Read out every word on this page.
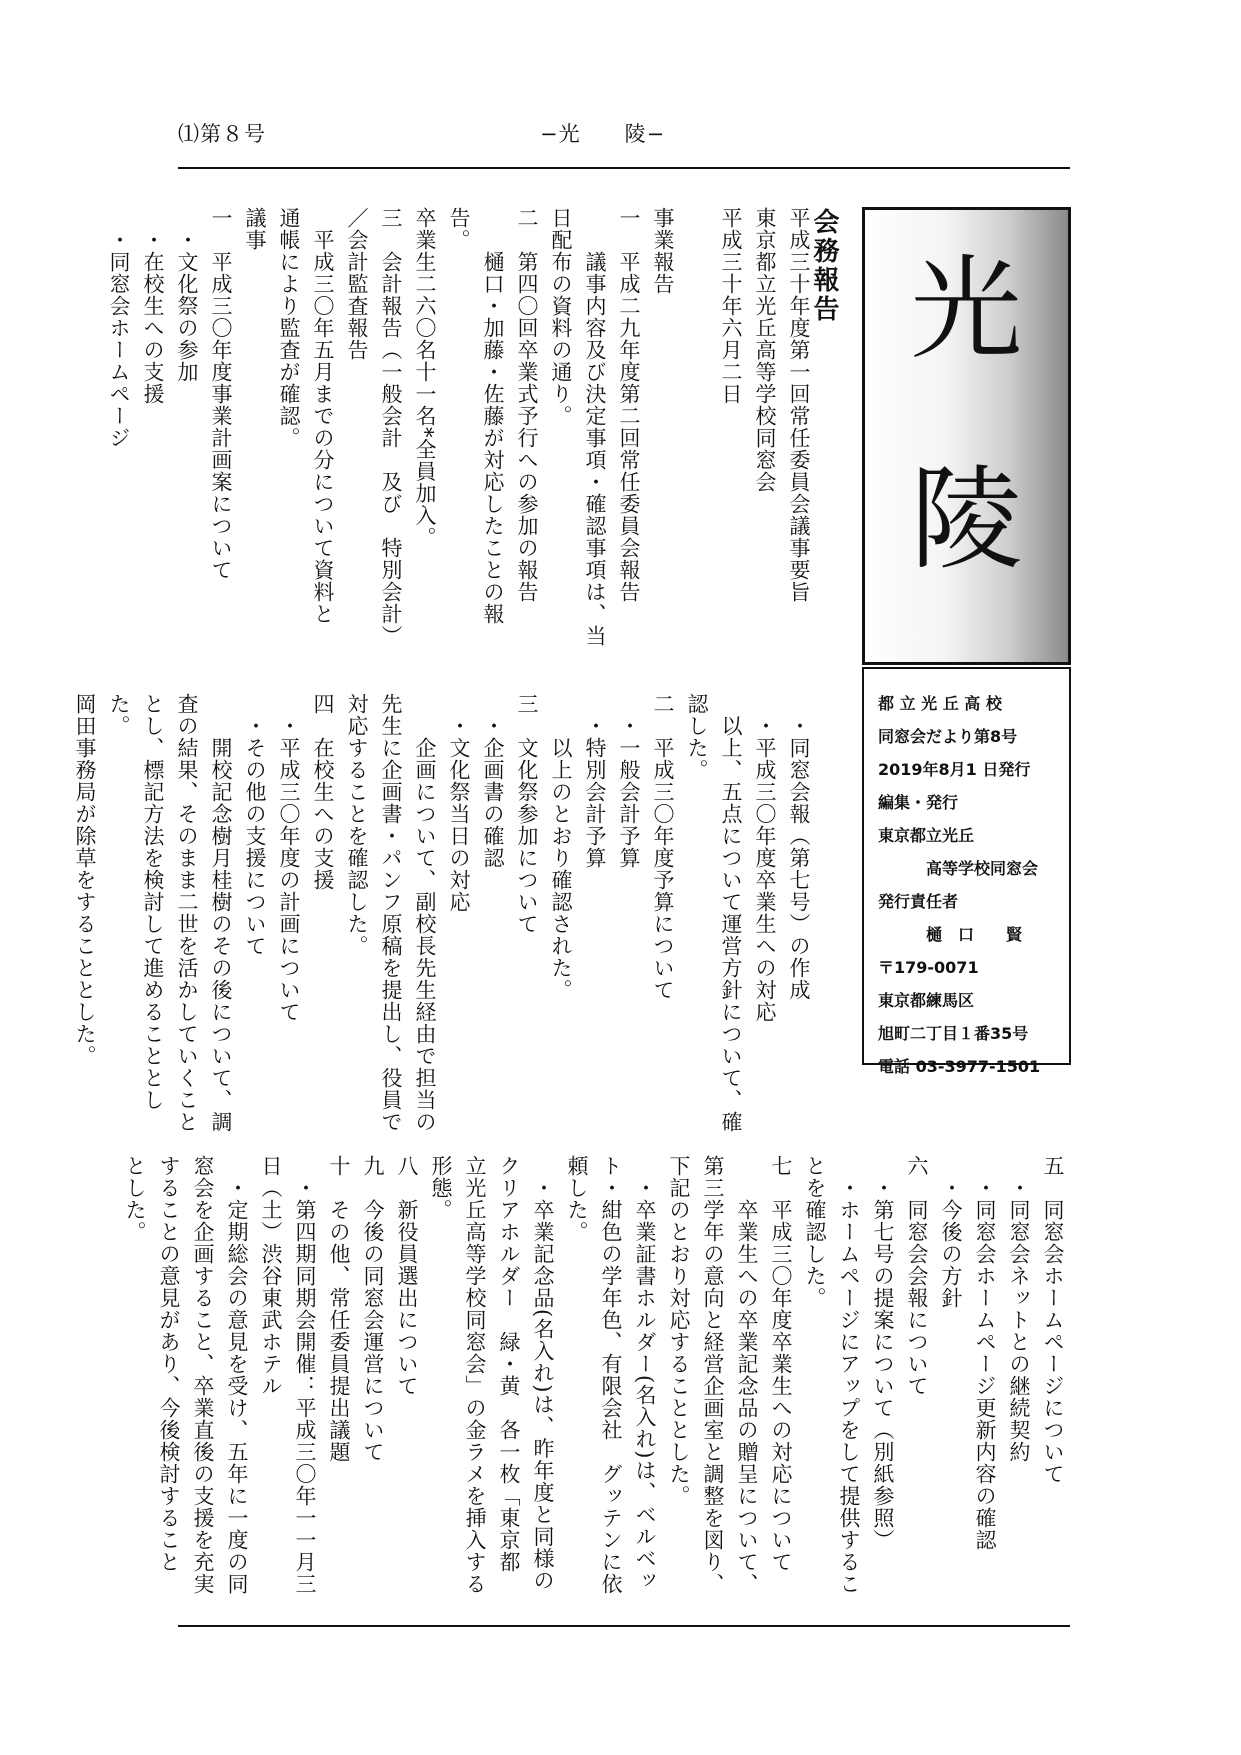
⑴第８号	−光　　陵−
光
陵
都 立 光 丘 高 校
同窓会だより第8号
2019年8月1 日発行
編集・発行
東京都立光丘
　　　高等学校同窓会
発行責任者
　　　樋　口　　賢
〒179-0071
東京都練馬区
旭町二丁目１番35号
電話 03-3977-1501
会務報告

平成三十年度第一回常任委員会議事要旨

東京都立光丘高等学校同窓会

平成三十年六月二日

事業報告

一　平成二九年度第二回常任委員会報告

　　議事内容及び決定事項・確認事項は、当

日配布の資料の通り。

二　第四〇回卒業式予行への参加の報告

　　樋口・加藤・佐藤が対応したことの報告。

卒業生二六〇名十一名*全員加入。

三　会計報告（一般会計　及び　特別会計）

／会計監査報告

　平成三〇年五月までの分について資料と

通帳により監査が確認。

議事

一　平成三〇年度事業計画案について

　・文化祭の参加

　・在校生への支援

　・同窓会ホームページ

　・同窓会報（第七号）の作成

　・平成三〇年度卒業生への対応

　以上、五点について運営方針について、確

認した。

二　平成三〇年度予算について

　・一般会計予算

　・特別会計予算

　　以上のとおり確認された。

三　文化祭参加について

　・企画書の確認

　・文化祭当日の対応

　　企画について、副校長先生経由で担当の

先生に企画書・パンフ原稿を提出し、役員で

対応することを確認した。

四　在校生への支援

　・平成三〇年度の計画について

　・その他の支援について

　　開校記念樹月桂樹のその後について、調

査の結果、そのまま二世を活かしていくこと

とし、標記方法を検討して進めることとした。

岡田事務局が除草をすることとした。

五　同窓会ホームページについて

　・同窓会ネットとの継続契約

　・同窓会ホームページ更新内容の確認

　・今後の方針

六　同窓会会報について

　・第七号の提案について（別紙参照）

　・ホームページにアップをして提供するこ

とを確認した。

七　平成三〇年度卒業生への対応について

　　卒業生への卒業記念品の贈呈について、

第三学年の意向と経営企画室と調整を図り、

下記のとおり対応することとした。

　・卒業証書ホルダー(名入れ)は、ベルベッ

ト・紺色の学年色、有限会社　グッテンに依

頼した。

　・卒業記念品(名入れ)は、昨年度と同様の

クリアホルダー　緑・黄　各一枚「東京都

立光丘高等学校同窓会」の金ラメを挿入する

形態。

八　新役員選出について

九　今後の同窓会運営について

十　その他、常任委員提出議題

　・第四期同期会開催：平成三〇年一一月三

日（土）渋谷東武ホテル

　・定期総会の意見を受け、五年に一度の同

窓会を企画すること、卒業直後の支援を充実

することの意見があり、今後検討すること

とした。
